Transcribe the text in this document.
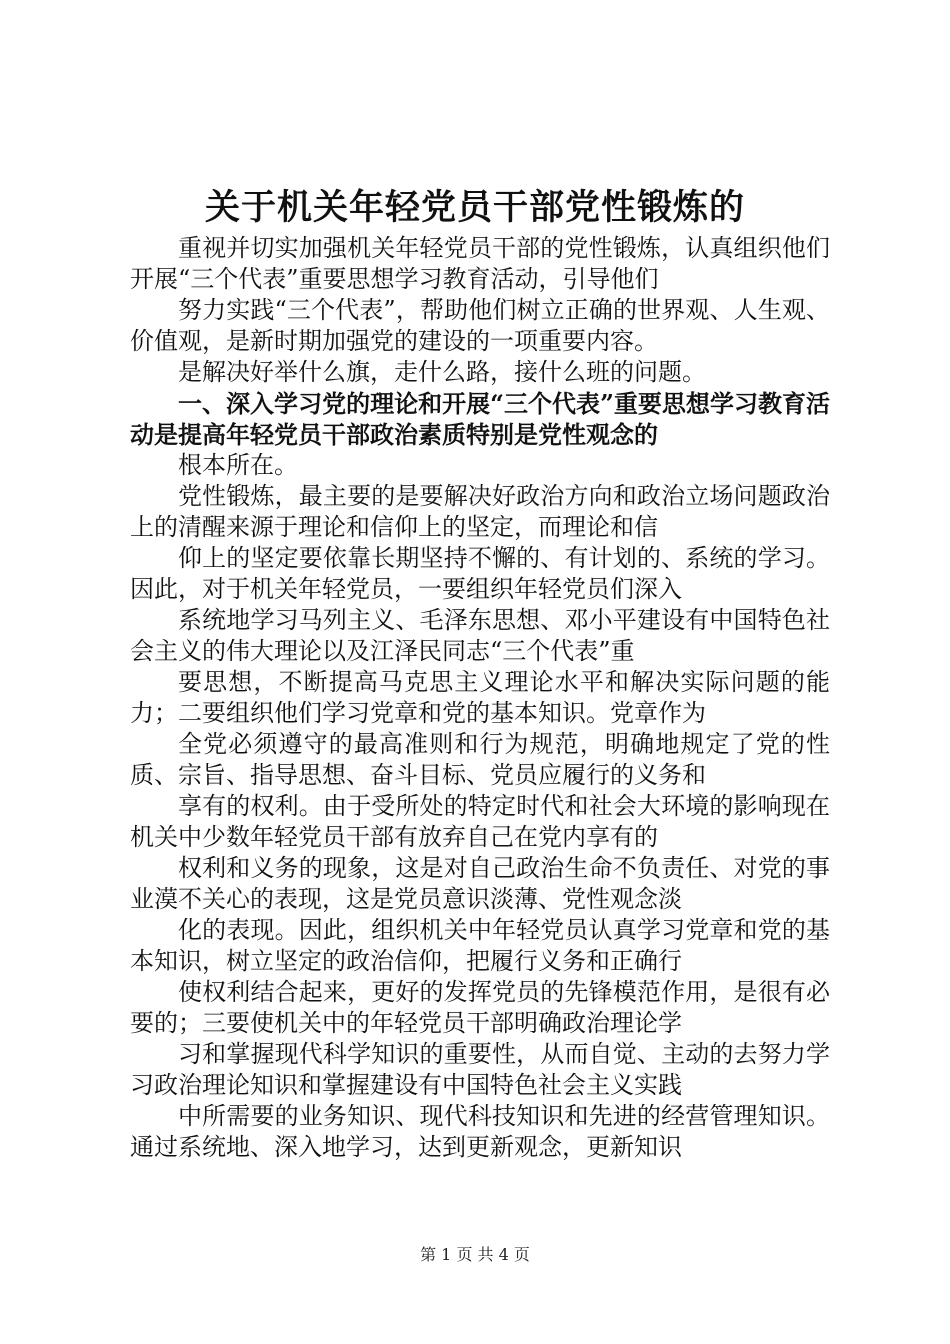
关于机关年轻党员干部党性锻炼的

重视并切实加强机关年轻党员干部的党性锻炼，认真组织他们开展“三个代表”重要思想学习教育活动，引导他们

努力实践“三个代表”，帮助他们树立正确的世界观、人生观、价值观，是新时期加强党的建设的一项重要内容。

是解决好举什么旗，走什么路，接什么班的问题。

一、深入学习党的理论和开展“三个代表”重要思想学习教育活动是提高年轻党员干部政治素质特别是党性观念的

根本所在。

党性锻炼，最主要的是要解决好政治方向和政治立场问题政治上的清醒来源于理论和信仰上的坚定，而理论和信

仰上的坚定要依靠长期坚持不懈的、有计划的、系统的学习。因此，对于机关年轻党员，一要组织年轻党员们深入

系统地学习马列主义、毛泽东思想、邓小平建设有中国特色社会主义的伟大理论以及江泽民同志“三个代表”重

要思想，不断提高马克思主义理论水平和解决实际问题的能力；二要组织他们学习党章和党的基本知识。党章作为

全党必须遵守的最高准则和行为规范，明确地规定了党的性质、宗旨、指导思想、奋斗目标、党员应履行的义务和

享有的权利。由于受所处的特定时代和社会大环境的影响现在机关中少数年轻党员干部有放弃自己在党内享有的

权利和义务的现象，这是对自己政治生命不负责任、对党的事业漠不关心的表现，这是党员意识淡薄、党性观念淡

化的表现。因此，组织机关中年轻党员认真学习党章和党的基本知识，树立坚定的政治信仰，把履行义务和正确行

使权利结合起来，更好的发挥党员的先锋模范作用，是很有必要的；三要使机关中的年轻党员干部明确政治理论学

习和掌握现代科学知识的重要性，从而自觉、主动的去努力学习政治理论知识和掌握建设有中国特色社会主义实践

中所需要的业务知识、现代科技知识和先进的经营管理知识。通过系统地、深入地学习，达到更新观念，更新知识

第 1 页 共 4 页
